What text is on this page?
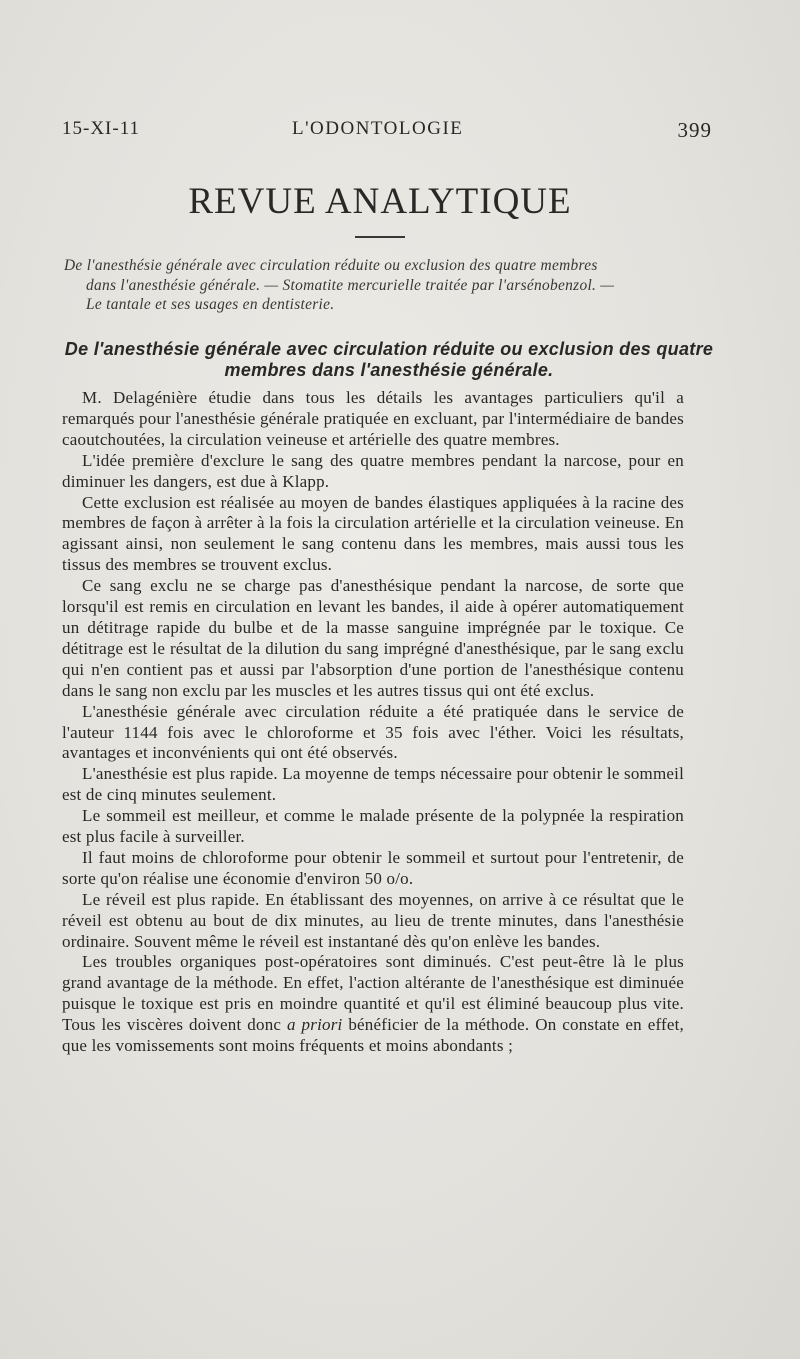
15-XI-11	L'ODONTOLOGIE	399
REVUE ANALYTIQUE
De l'anesthésie générale avec circulation réduite ou exclusion des quatre membres
dans l'anesthésie générale. — Stomatite mercurielle traitée par l'arsénobenzol. —
Le tantale et ses usages en dentisterie.
De l'anesthésie générale avec circulation réduite ou exclusion des quatre membres dans l'anesthésie générale.

M. Delagénière étudie dans tous les détails les avantages particuliers qu'il a remarqués pour l'anesthésie générale pratiquée en excluant, par l'intermédiaire de bandes caoutchoutées, la circulation veineuse et artérielle des quatre membres.

L'idée première d'exclure le sang des quatre membres pendant la narcose, pour en diminuer les dangers, est due à Klapp.

Cette exclusion est réalisée au moyen de bandes élastiques appliquées à la racine des membres de façon à arrêter à la fois la circulation artérielle et la circulation veineuse. En agissant ainsi, non seulement le sang contenu dans les membres, mais aussi tous les tissus des membres se trouvent exclus.

Ce sang exclu ne se charge pas d'anesthésique pendant la narcose, de sorte que lorsqu'il est remis en circulation en levant les bandes, il aide à opérer automatiquement un détitrage rapide du bulbe et de la masse sanguine imprégnée par le toxique. Ce détitrage est le résultat de la dilution du sang imprégné d'anesthésique, par le sang exclu qui n'en contient pas et aussi par l'absorption d'une portion de l'anesthésique contenu dans le sang non exclu par les muscles et les autres tissus qui ont été exclus.

L'anesthésie générale avec circulation réduite a été pratiquée dans le service de l'auteur 1144 fois avec le chloroforme et 35 fois avec l'éther. Voici les résultats, avantages et inconvénients qui ont été observés.

L'anesthésie est plus rapide. La moyenne de temps nécessaire pour obtenir le sommeil est de cinq minutes seulement.

Le sommeil est meilleur, et comme le malade présente de la polypnée la respiration est plus facile à surveiller.

Il faut moins de chloroforme pour obtenir le sommeil et surtout pour l'entretenir, de sorte qu'on réalise une économie d'environ 50 o/o.

Le réveil est plus rapide. En établissant des moyennes, on arrive à ce résultat que le réveil est obtenu au bout de dix minutes, au lieu de trente minutes, dans l'anesthésie ordinaire. Souvent même le réveil est instantané dès qu'on enlève les bandes.

Les troubles organiques post-opératoires sont diminués. C'est peut-être là le plus grand avantage de la méthode. En effet, l'action altérante de l'anesthésique est diminuée puisque le toxique est pris en moindre quantité et qu'il est éliminé beaucoup plus vite. Tous les viscères doivent donc a priori bénéficier de la méthode. On constate en effet, que les vomissements sont moins fréquents et moins abondants ;
